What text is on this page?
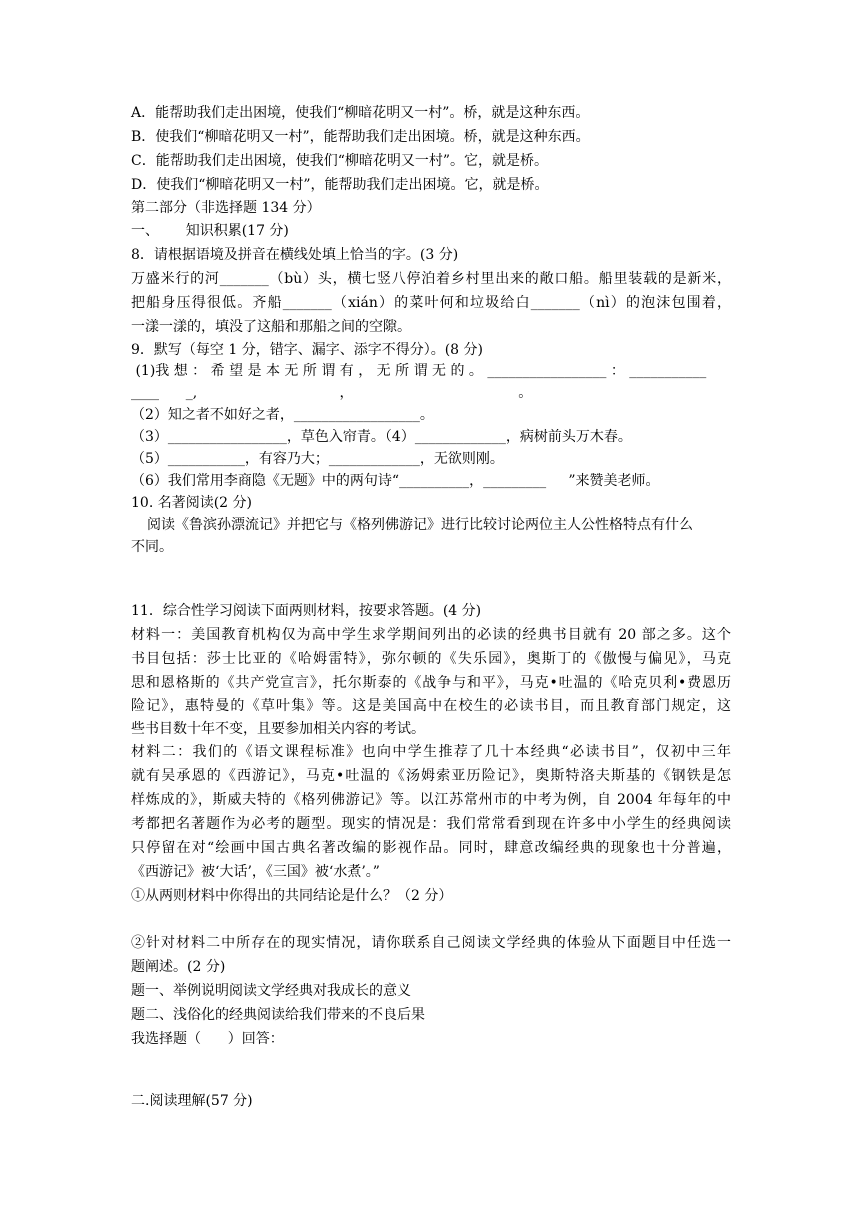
A．能帮助我们走出困境，使我们“柳暗花明又一村”。桥，就是这种东西。
B．使我们“柳暗花明又一村”，能帮助我们走出困境。桥，就是这种东西。
C．能帮助我们走出困境，使我们“柳暗花明又一村”。它，就是桥。
D．使我们“柳暗花明又一村”，能帮助我们走出困境。它，就是桥。
第二部分（非选择题 134 分）
一、      知识积累(17 分)
8．请根据语境及拼音在横线处填上恰当的字。(3 分)
万盛米行的河_______（bù）头，横七竖八停泊着乡村里出来的敞口船。船里装载的是新米，
把船身压得很低。齐船_______（xián）的菜叶何和垃圾给白_______（nì）的泡沫包围着，
一漾一漾的，填没了这船和那船之间的空隙。
9．默写（每空 1 分，错字、漏字、添字不得分）。(8 分)
(1)我 想 ： 希 望 是 本 无 所 谓 有 ， 无 所 谓 无 的 。 _________________ ： ___________
____      _,                                ，                                     。
（2）知之者不如好之者，__________________。
（3）_________________，草色入帘青。（4）_____________，病树前头万木春。
（5）___________，有容乃大；_____________，无欲则刚。
（6）我们常用李商隐《无题》中的两句诗“__________，_________     ”来赞美老师。
10. 名著阅读(2 分)
阅读《鲁滨孙漂流记》并把它与《格列佛游记》进行比较讨论两位主人公性格特点有什么
不同。
11．综合性学习阅读下面两则材料，按要求答题。(4 分)
材料一：美国教育机构仅为高中学生求学期间列出的必读的经典书目就有 20 部之多。这个
书目包括：莎士比亚的《哈姆雷特》，弥尔顿的《失乐园》，奥斯丁的《傲慢与偏见》，马克
思和恩格斯的《共产党宣言》，托尔斯泰的《战争与和平》，马克•吐温的《哈克贝利•费恩历
险记》，惠特曼的《草叶集》等。这是美国高中在校生的必读书目，而且教育部门规定，这
些书目数十年不变，且要参加相关内容的考试。
材料二：我们的《语文课程标准》也向中学生推荐了几十本经典“必读书目”，仅初中三年
就有吴承恩的《西游记》，马克•吐温的《汤姆索亚历险记》，奥斯特洛夫斯基的《钢铁是怎
样炼成的》，斯威夫特的《格列佛游记》等。以江苏常州市的中考为例，自 2004 年每年的中
考都把名著题作为必考的题型。现实的情况是：我们常常看到现在许多中小学生的经典阅读
只停留在对“绘画中国古典名著改编的影视作品。同时，肆意改编经典的现象也十分普遍，
《西游记》被‘大话’，《三国》被‘水煮’。”
①从两则材料中你得出的共同结论是什么？（2 分）
②针对材料二中所存在的现实情况，请你联系自己阅读文学经典的体验从下面题目中任选一
题阐述。(2 分)
题一、举例说明阅读文学经典对我成长的意义
题二、浅俗化的经典阅读给我们带来的不良后果
我选择题（      ）回答：
二.阅读理解(57 分)
